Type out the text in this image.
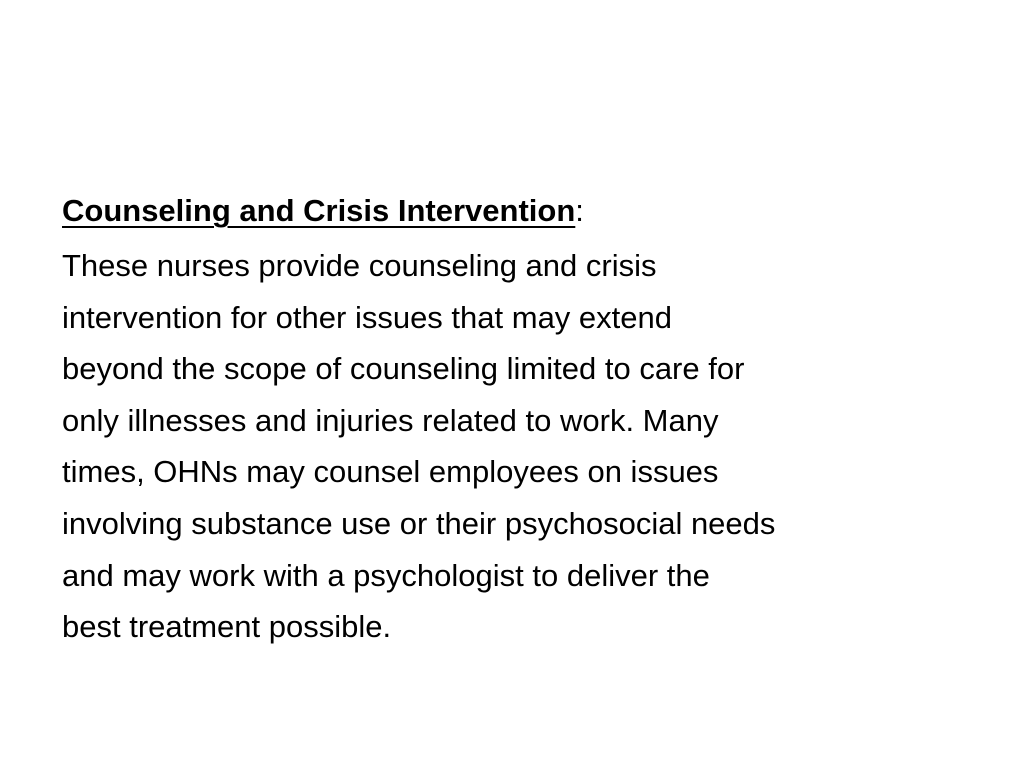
Counseling and Crisis Intervention:

These nurses provide counseling and crisis
intervention for other issues that may extend
beyond the scope of counseling limited to care for
only illnesses and injuries related to work. Many
times, OHNs may counsel employees on issues
involving substance use or their psychosocial needs
and may work with a psychologist to deliver the
best treatment possible.
